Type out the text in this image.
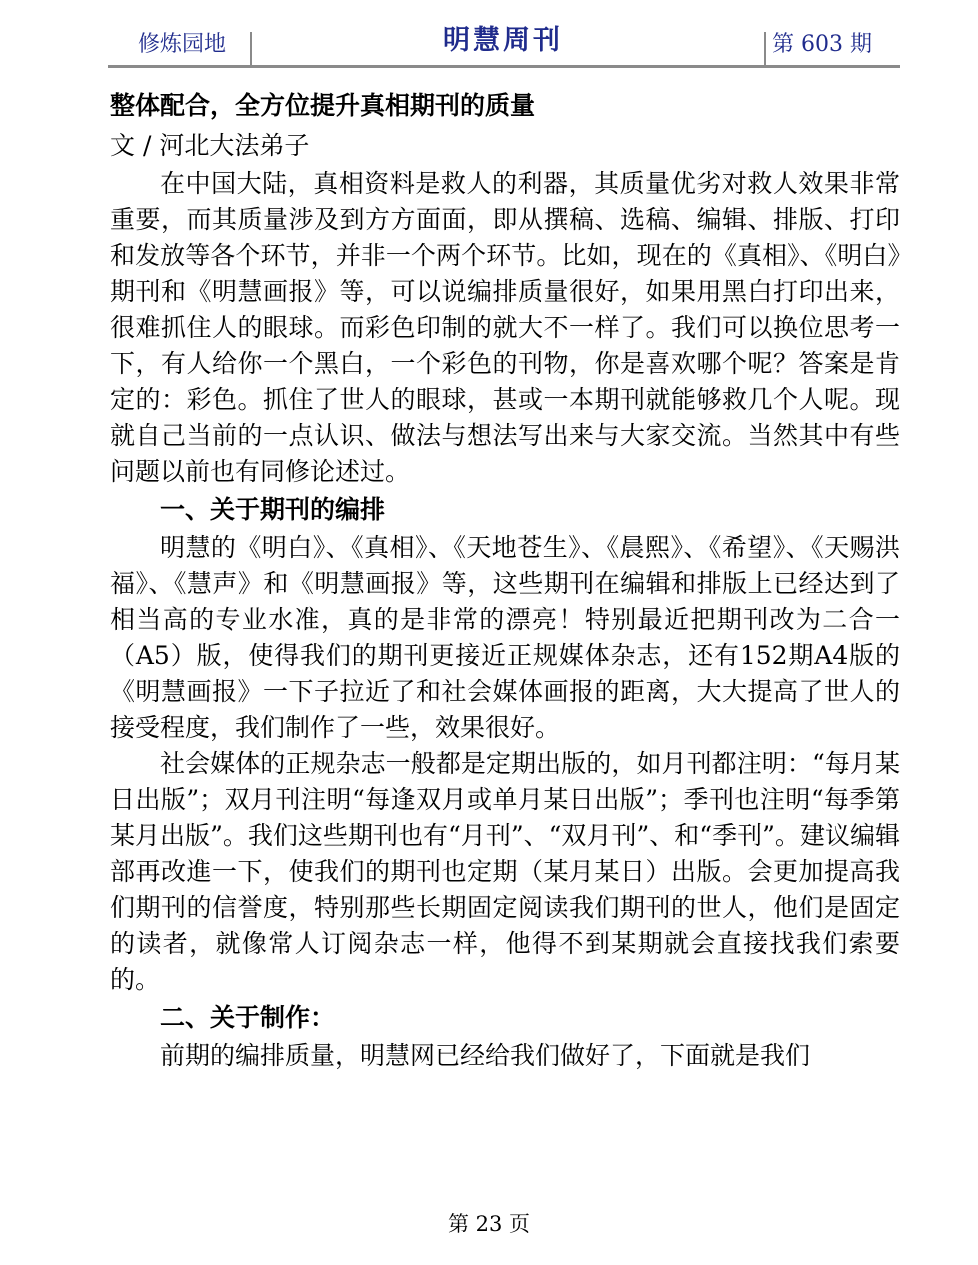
修炼园地	明慧周刊	第 603 期
整体配合，全方位提升真相期刊的质量

文 / 河北大法弟子

在中国大陆，真相资料是救人的利器，其质量优劣对救人效果非常重要，而其质量涉及到方方面面，即从撰稿、选稿、编辑、排版、打印和发放等各个环节，并非一个两个环节。比如，现在的《真相》、《明白》期刊和《明慧画报》等，可以说编排质量很好，如果用黑白打印出来，很难抓住人的眼球。而彩色印制的就大不一样了。我们可以换位思考一下，有人给你一个黑白，一个彩色的刊物，你是喜欢哪个呢？答案是肯定的：彩色。抓住了世人的眼球，甚或一本期刊就能够救几个人呢。现就自己当前的一点认识、做法与想法写出来与大家交流。当然其中有些问题以前也有同修论述过。

一、关于期刊的编排

明慧的《明白》、《真相》、《天地苍生》、《晨熙》、《希望》、《天赐洪福》、《慧声》和《明慧画报》等，这些期刊在编辑和排版上已经达到了相当高的专业水准，真的是非常的漂亮！特别最近把期刊改为二合一（A5）版，使得我们的期刊更接近正规媒体杂志，还有152期A4版的《明慧画报》一下子拉近了和社会媒体画报的距离，大大提高了世人的接受程度，我们制作了一些，效果很好。

社会媒体的正规杂志一般都是定期出版的，如月刊都注明：“每月某日出版”；双月刊注明“每逢双月或单月某日出版”；季刊也注明“每季第某月出版”。我们这些期刊也有“月刊”、“双月刊”、和“季刊”。建议编辑部再改進一下，使我们的期刊也定期（某月某日）出版。会更加提高我们期刊的信誉度，特别那些长期固定阅读我们期刊的世人，他们是固定的读者，就像常人订阅杂志一样，他得不到某期就会直接找我们索要的。

二、关于制作：

前期的编排质量，明慧网已经给我们做好了，下面就是我们

第 23 页
